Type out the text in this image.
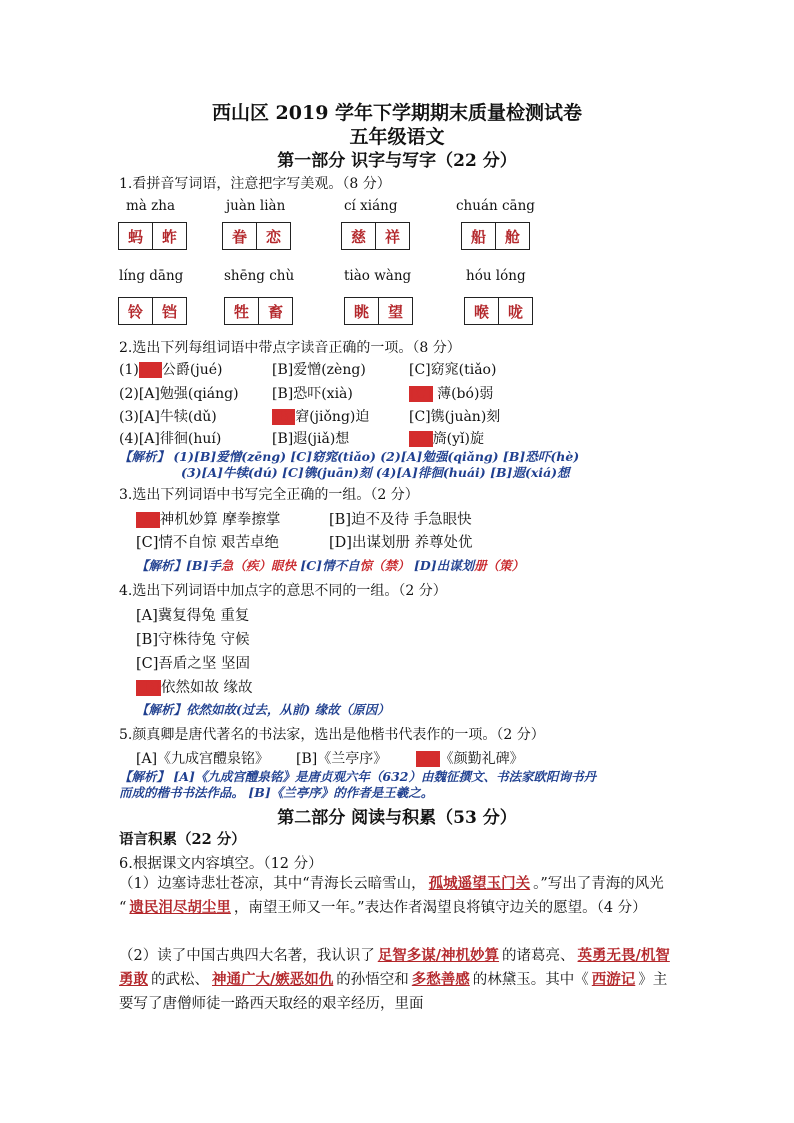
西山区 2019 学年下学期期末质量检测试卷
五年级语文
第一部分 识字与写字（22 分）
1.看拼音写词语，注意把字写美观。（8 分）
mà zha	juàn liàn	cí xiáng	chuán cāng
蚂	蚱	眷	恋	慈	祥	船	舱
líng dāng	shēng chù	tiào wàng	hóu lóng
铃	铛	牲	畜	眺	望	喉	咙
2.选出下列每组词语中带点字读音正确的一项。（8 分）
(1)[A]公爵(jué)	[B]爱憎(zèng)	[C]窈窕(tiǎo)
(2)[A]勉强(qiáng) [B]恐吓(xià)	[C] 薄(bó)弱
(3)[A]牛犊(dǔ)	[B]窘(jiǒng)迫	[C]镌(juàn)刻
(4)[A]徘徊(huí)	[B]遐(jiǎ)想	[C]旖(yǐ)旋
【解析】 (1)[B]爱憎(zēng) [C]窈窕(tiǎo) (2)[A]勉强(qiǎng) [B]恐吓(hè)
(3)[A]牛犊(dú) [C]镌(juān)刻 (4)[A]徘徊(huái) [B]遐(xiá)想
3.选出下列词语中书写完全正确的一组。（2 分）
[A]神机妙算 摩拳擦掌	[B]迫不及待 手急眼快
[C]情不自惊 艰苦卓绝	[D]出谋划册 养尊处优
【解析】[B]手急（疾）眼快 [C]情不自惊（禁） [D]出谋划册（策）
4.选出下列词语中加点字的意思不同的一组。（2 分）
[A]冀复得兔 重复
[B]守株待兔 守候
[C]吾盾之坚 坚固
[D]依然如故 缘故
【解析】依然如故(过去，从前) 缘故（原因）
5.颜真卿是唐代著名的书法家，选出是他楷书代表作的一项。（2 分）
[A]《九成宫醴泉铭》 [B]《兰亭序》 [C]《颜勤礼碑》
【解析】 [A]《九成宫醴泉铭》是唐贞观六年（632）由魏征撰文、书法家欧阳询书丹
而成的楷书书法作品。 [B]《兰亭序》的作者是王羲之。
第二部分 阅读与积累（53 分）
语言积累（22 分）
6.根据课文内容填空。（12 分）
（1）边塞诗悲壮苍凉，其中“青海长云暗雪山， 孤城遥望玉门关 。”写出了青海的风光 “ 遗民泪尽胡尘里 ，南望王师又一年。”表达作者渴望良将镇守边关的愿望。（4 分）
（2）读了中国古典四大名著，我认识了 足智多谋/神机妙算 的诸葛亮、 英勇无畏/机智勇敢 的武松、 神通广大/嫉恶如仇 的孙悟空和 多愁善感 的林黛玉。其中《 西游记 》主要写了唐僧师徒一路西天取经的艰辛经历，里面
